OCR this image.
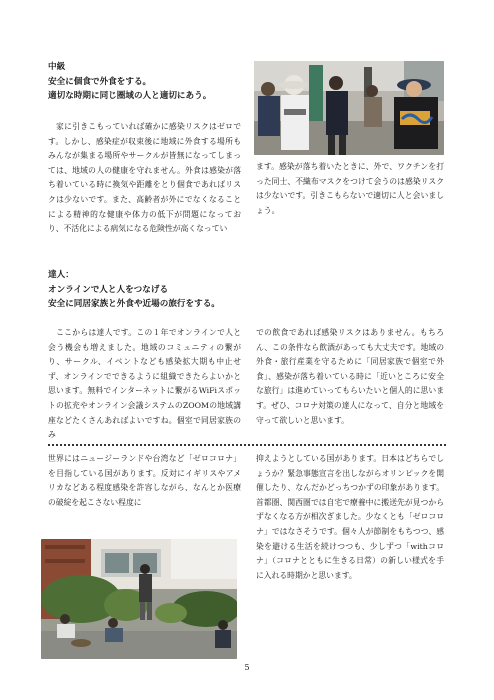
中級
安全に個食で外食をする。
適切な時期に同じ圏域の人と適切にあう。
　家に引きこもっていれば確かに感染リスクはゼロです。しかし、感染症が収束後に地域に外食する場所もみんなが集まる場所やサークルが皆無になってしまっては、地域の人の健康を守れません。外食は感染が落ち着いている時に換気や距離をとり個食であればリスクは少ないです。また、高齢者が外にでなくなることによる精神的な健康や体力の低下が問題になっており、不活化による病気になる危険性が高くなってい
ます。感染が落ち着いたときに、外で、ワクチンを打った同士、不織布マスクをつけて会うのは感染リスクは少ないです。引きこもらないで適切に人と会いましょう。
達人：
オンラインで人と人をつなげる
安全に同居家族と外食や近場の旅行をする。
　ここからは達人です。この１年でオンラインで人と会う機会も増えました。地域のコミュニティの繋がり、サークル、イベントなども感染拡大期も中止せず、オンラインでできるように組織できたらよいかと思います。無料でインターネットに繋がるWiFiスポットの拡充やオンライン会議システムのZOOMの地域講座などたくさんあればよいですね。個室で同居家族のみ
での飲食であれば感染リスクはありません。もちろん、この条件なら飲酒があっても大丈夫です。地域の外食・旅行産業を守るために「同居家族で個室で外食」、感染が落ち着いている時に「近いところに安全な旅行」は進めていってもらいたいと個人的に思います。ぜひ、コロナ対策の達人になって、自分と地域を守って欲しいと思います。
世界にはニュージーランドや台湾など「ゼロコロナ」を目指している国があります。反対にイギリスやアメリカなどある程度感染を許容しながら、なんとか医療の破綻を起こさない程度に
抑えようとしている国があります。日本はどちらでしょうか？緊急事態宣言を出しながらオリンピックを開催したり、なんだかどっちつかずの印象があります。首都圏、関西圏では自宅で療養中に搬送先が見つからずなくなる方が相次ぎました。少なくとも「ゼロコロナ」ではなさそうです。個々人が節制をもちつつ、感染を避ける生活を続けつつも、少しずつ「withコロナ」（コロナとともに生きる日常）の新しい様式を手に入れる時期かと思います。
5
